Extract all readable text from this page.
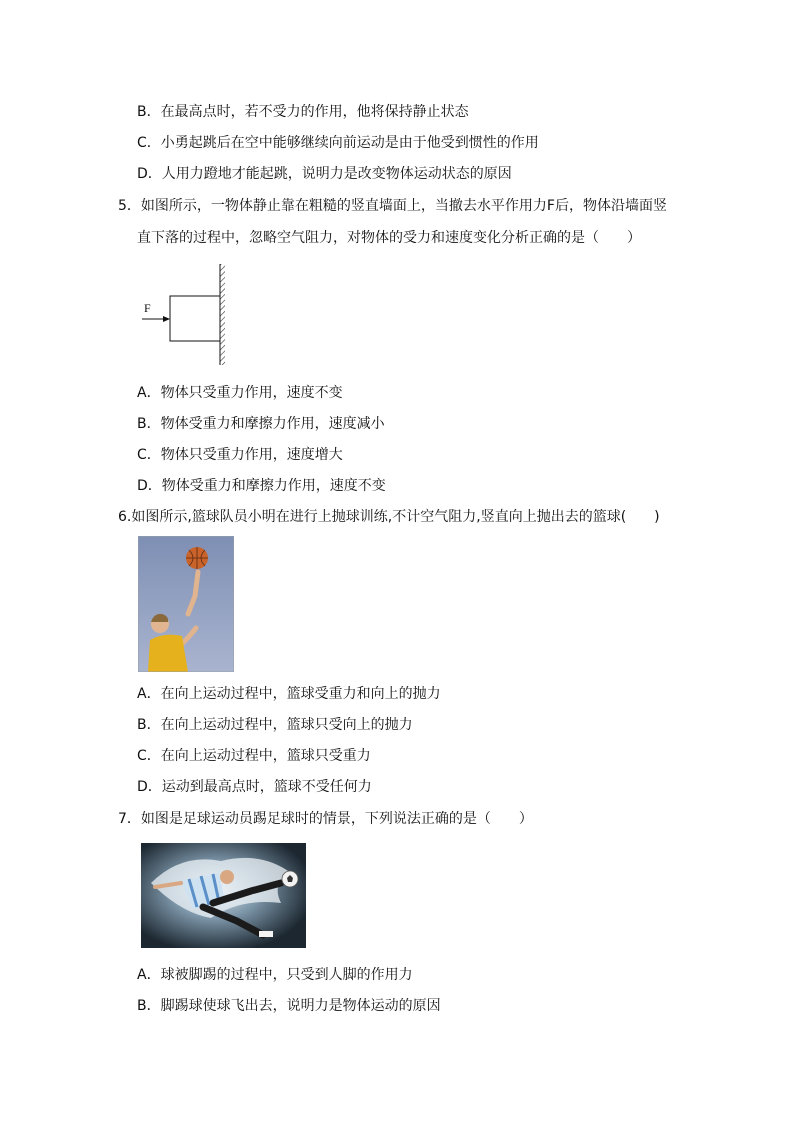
B．在最高点时，若不受力的作用，他将保持静止状态
C．小勇起跳后在空中能够继续向前运动是由于他受到惯性的作用
D．人用力蹬地才能起跳，说明力是改变物体运动状态的原因
5．如图所示，一物体静止靠在粗糙的竖直墙面上，当撤去水平作用力F后，物体沿墙面竖
直下落的过程中，忽略空气阻力，对物体的受力和速度变化分析正确的是（　　）
F
A．物体只受重力作用，速度不变
B．物体受重力和摩擦力作用，速度减小
C．物体只受重力作用，速度增大
D．物体受重力和摩擦力作用，速度不变
6.如图所示,篮球队员小明在进行上抛球训练,不计空气阻力,竖直向上抛出去的篮球(　　)
A．在向上运动过程中，篮球受重力和向上的抛力
B．在向上运动过程中，篮球只受向上的抛力
C．在向上运动过程中，篮球只受重力
D．运动到最高点时，篮球不受任何力
7．如图是足球运动员踢足球时的情景，下列说法正确的是（　　）
A．球被脚踢的过程中，只受到人脚的作用力
B．脚踢球使球飞出去，说明力是物体运动的原因
